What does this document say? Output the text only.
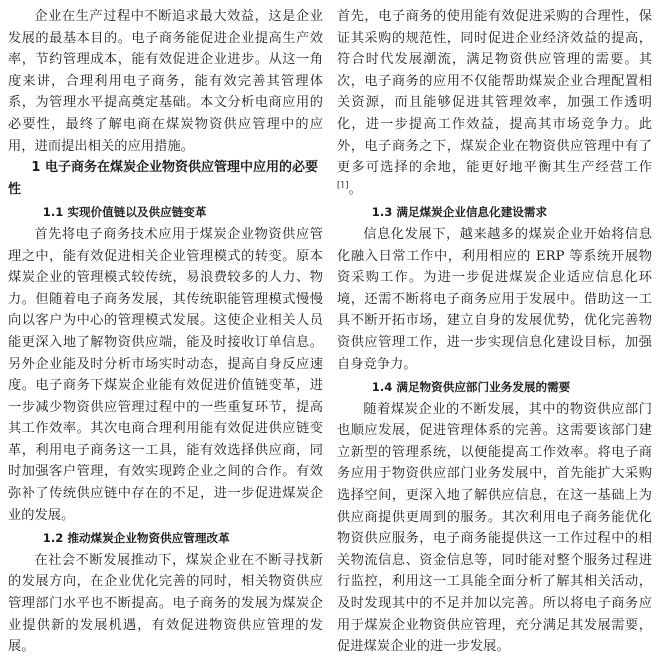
企业在生产过程中不断追求最大效益，这是企业发展的最基本目的。电子商务能促进企业提高生产效率，节约管理成本，能有效促进企业进步。从这一角度来讲，合理利用电子商务，能有效完善其管理体系，为管理水平提高奠定基础。本文分析电商应用的必要性，最终了解电商在煤炭物资供应管理中的应用，进而提出相关的应用措施。

1 电子商务在煤炭企业物资供应管理中应用的必要性
1.1 实现价值链以及供应链变革

首先将电子商务技术应用于煤炭企业物资供应管理之中，能有效促进相关企业管理模式的转变。原本煤炭企业的管理模式较传统，易浪费较多的人力、物力。但随着电子商务发展，其传统职能管理模式慢慢向以客户为中心的管理模式发展。这使企业相关人员能更深入地了解物资供应端，能及时接收订单信息。另外企业能及时分析市场实时动态，提高自身反应速度。电子商务下煤炭企业能有效促进价值链变革，进一步减少物资供应管理过程中的一些重复环节，提高其工作效率。其次电商合理利用能有效促进供应链变革，利用电子商务这一工具，能有效选择供应商，同时加强客户管理，有效实现跨企业之间的合作。有效弥补了传统供应链中存在的不足，进一步促进煤炭企业的发展。

1.2 推动煤炭企业物资供应管理改革

在社会不断发展推动下，煤炭企业在不断寻找新的发展方向，在企业优化完善的同时，相关物资供应管理部门水平也不断提高。电子商务的发展为煤炭企业提供新的发展机遇，有效促进物资供应管理的发展。

首先，电子商务的使用能有效促进采购的合理性，保证其采购的规范性，同时促进企业经济效益的提高，符合时代发展潮流，满足物资供应管理的需要。其次，电子商务的应用不仅能帮助煤炭企业合理配置相关资源，而且能够促进其管理效率，加强工作透明化，进一步提高工作效益，提高其市场竞争力。此外，电子商务之下，煤炭企业在物资供应管理中有了更多可选择的余地，能更好地平衡其生产经营工作[1]。

1.3 满足煤炭企业信息化建设需求

信息化发展下，越来越多的煤炭企业开始将信息化融入日常工作中，利用相应的 ERP 等系统开展物资采购工作。为进一步促进煤炭企业适应信息化环境，还需不断将电子商务应用于发展中。借助这一工具不断开拓市场，建立自身的发展优势，优化完善物资供应管理工作，进一步实现信息化建设目标，加强自身竞争力。

1.4 满足物资供应部门业务发展的需要

随着煤炭企业的不断发展，其中的物资供应部门也顺应发展，促进管理体系的完善。这需要该部门建立新型的管理系统，以便能提高工作效率。将电子商务应用于物资供应部门业务发展中，首先能扩大采购选择空间，更深入地了解供应信息，在这一基础上为供应商提供更周到的服务。其次利用电子商务能优化物资供应服务，电子商务能提供这一工作过程中的相关物流信息、资金信息等，同时能对整个服务过程进行监控，利用这一工具能全面分析了解其相关活动，及时发现其中的不足并加以完善。所以将电子商务应用于煤炭企业物资供应管理，充分满足其发展需要，促进煤炭企业的进一步发展。
